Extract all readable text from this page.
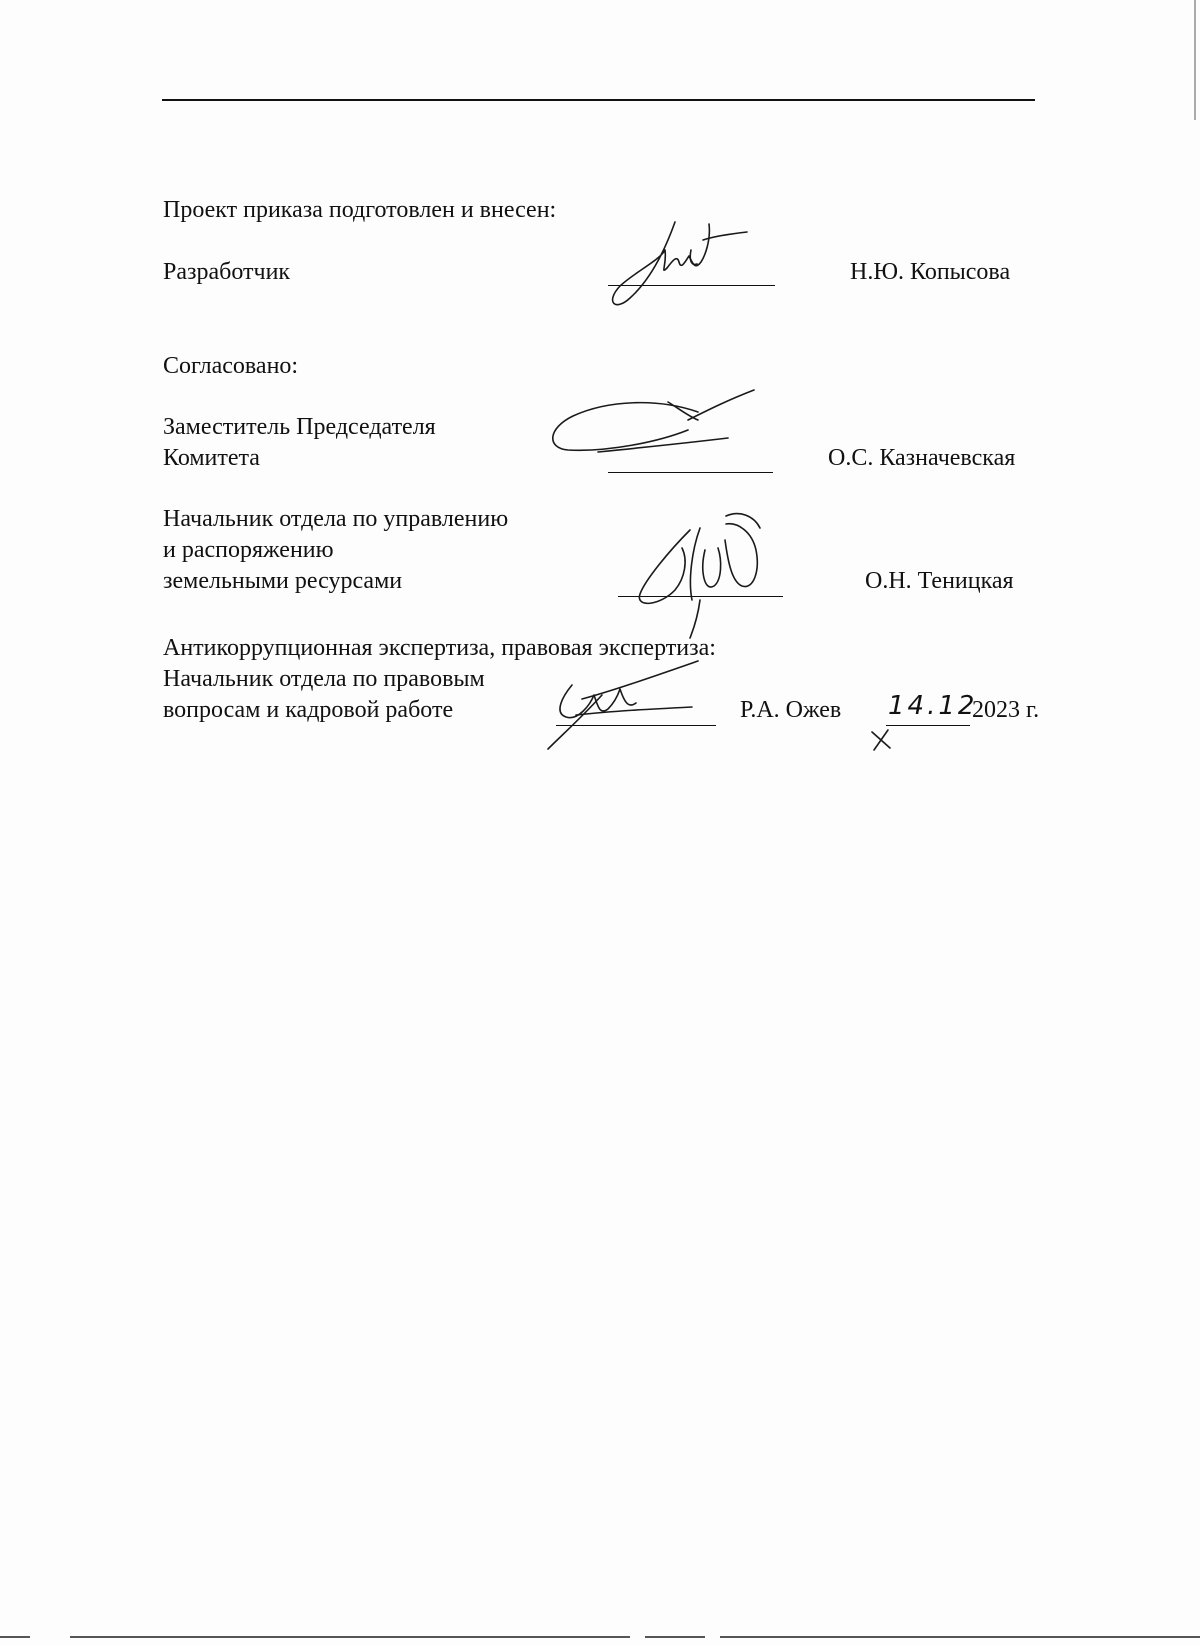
Проект приказа подготовлен и внесен:
Разработчик	Н.Ю. Копысова
Согласовано:
Заместитель Председателя
Комитета	О.С. Казначевская
Начальник отдела по управлению
и распоряжению
земельными ресурсами	О.Н. Теницкая
Антикоррупционная экспертиза, правовая экспертиза:
Начальник отдела по правовым
вопросам и кадровой работе	Р.А. Ожев 14.12
2023 г.
